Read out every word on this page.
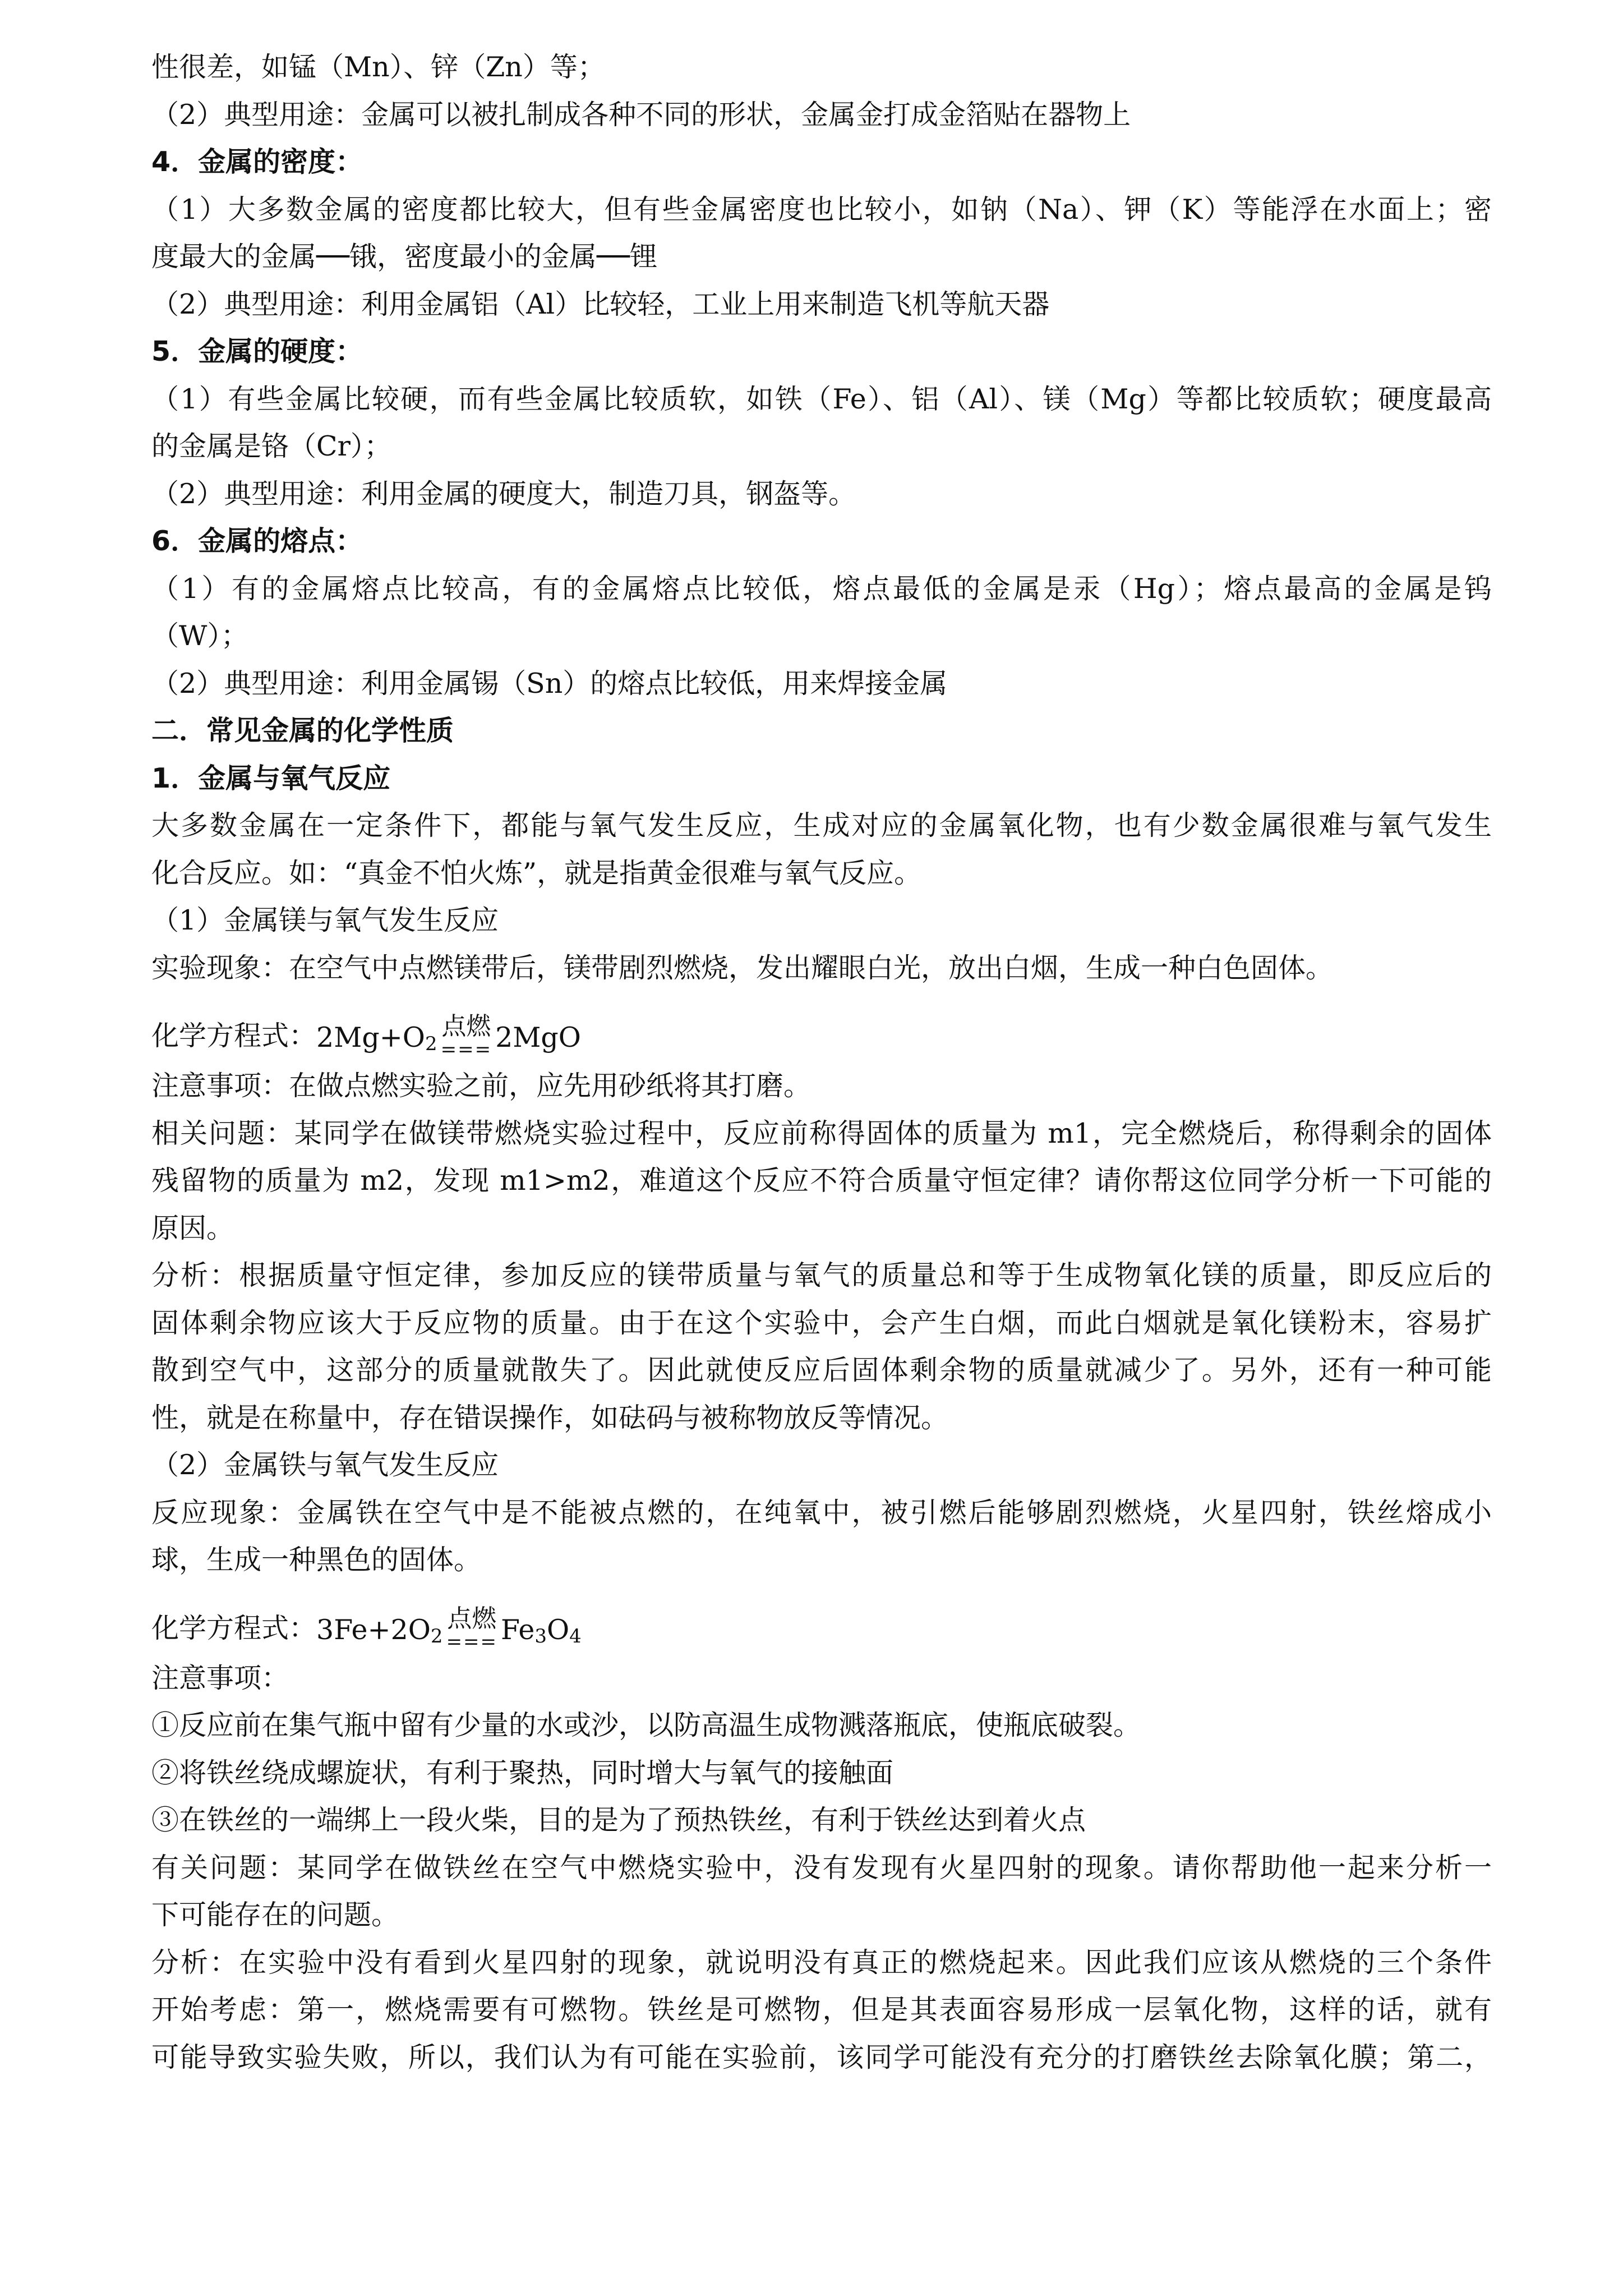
性很差，如锰（Mn）、锌（Zn）等；
（2）典型用途：金属可以被扎制成各种不同的形状，金属金打成金箔贴在器物上
4．金属的密度：
（1）大多数金属的密度都比较大，但有些金属密度也比较小，如钠（Na）、钾（K）等能浮在水面上；密
度最大的金属──锇，密度最小的金属──锂
（2）典型用途：利用金属铝（Al）比较轻，工业上用来制造飞机等航天器
5．金属的硬度：
（1）有些金属比较硬，而有些金属比较质软，如铁（Fe）、铝（Al）、镁（Mg）等都比较质软；硬度最高
的金属是铬（Cr）；
（2）典型用途：利用金属的硬度大，制造刀具，钢盔等。
6．金属的熔点：
（1）有的金属熔点比较高，有的金属熔点比较低，熔点最低的金属是汞（Hg）；熔点最高的金属是钨
（W）；
（2）典型用途：利用金属锡（Sn）的熔点比较低，用来焊接金属
二．常见金属的化学性质
1．金属与氧气反应
大多数金属在一定条件下，都能与氧气发生反应，生成对应的金属氧化物，也有少数金属很难与氧气发生
化合反应。如：“真金不怕火炼”，就是指黄金很难与氧气反应。
（1）金属镁与氧气发生反应
实验现象：在空气中点燃镁带后，镁带剧烈燃烧，发出耀眼白光，放出白烟，生成一种白色固体。
化学方程式： $2Mg+O_2$
点燃
=== 2MgO
注意事项：在做点燃实验之前，应先用砂纸将其打磨。
相关问题：某同学在做镁带燃烧实验过程中，反应前称得固体的质量为 m1，完全燃烧后，称得剩余的固体
残留物的质量为 m2，发现 m1>m2，难道这个反应不符合质量守恒定律？请你帮这位同学分析一下可能的
原因。
分析：根据质量守恒定律，参加反应的镁带质量与氧气的质量总和等于生成物氧化镁的质量，即反应后的
固体剩余物应该大于反应物的质量。由于在这个实验中，会产生白烟，而此白烟就是氧化镁粉末，容易扩
散到空气中，这部分的质量就散失了。因此就使反应后固体剩余物的质量就减少了。另外，还有一种可能
性，就是在称量中，存在错误操作，如砝码与被称物放反等情况。
（2）金属铁与氧气发生反应
反应现象：金属铁在空气中是不能被点燃的，在纯氧中，被引燃后能够剧烈燃烧，火星四射，铁丝熔成小
球，生成一种黑色的固体。
化学方程式： $3Fe+2O_2$
点燃
=== $Fe_3O_4$
注意事项：
①反应前在集气瓶中留有少量的水或沙，以防高温生成物溅落瓶底，使瓶底破裂。
②将铁丝绕成螺旋状，有利于聚热，同时增大与氧气的接触面
③在铁丝的一端绑上一段火柴，目的是为了预热铁丝，有利于铁丝达到着火点
有关问题：某同学在做铁丝在空气中燃烧实验中，没有发现有火星四射的现象。请你帮助他一起来分析一
下可能存在的问题。
分析：在实验中没有看到火星四射的现象，就说明没有真正的燃烧起来。因此我们应该从燃烧的三个条件
开始考虑：第一，燃烧需要有可燃物。铁丝是可燃物，但是其表面容易形成一层氧化物，这样的话，就有
可能导致实验失败，所以，我们认为有可能在实验前，该同学可能没有充分的打磨铁丝去除氧化膜；第二，
